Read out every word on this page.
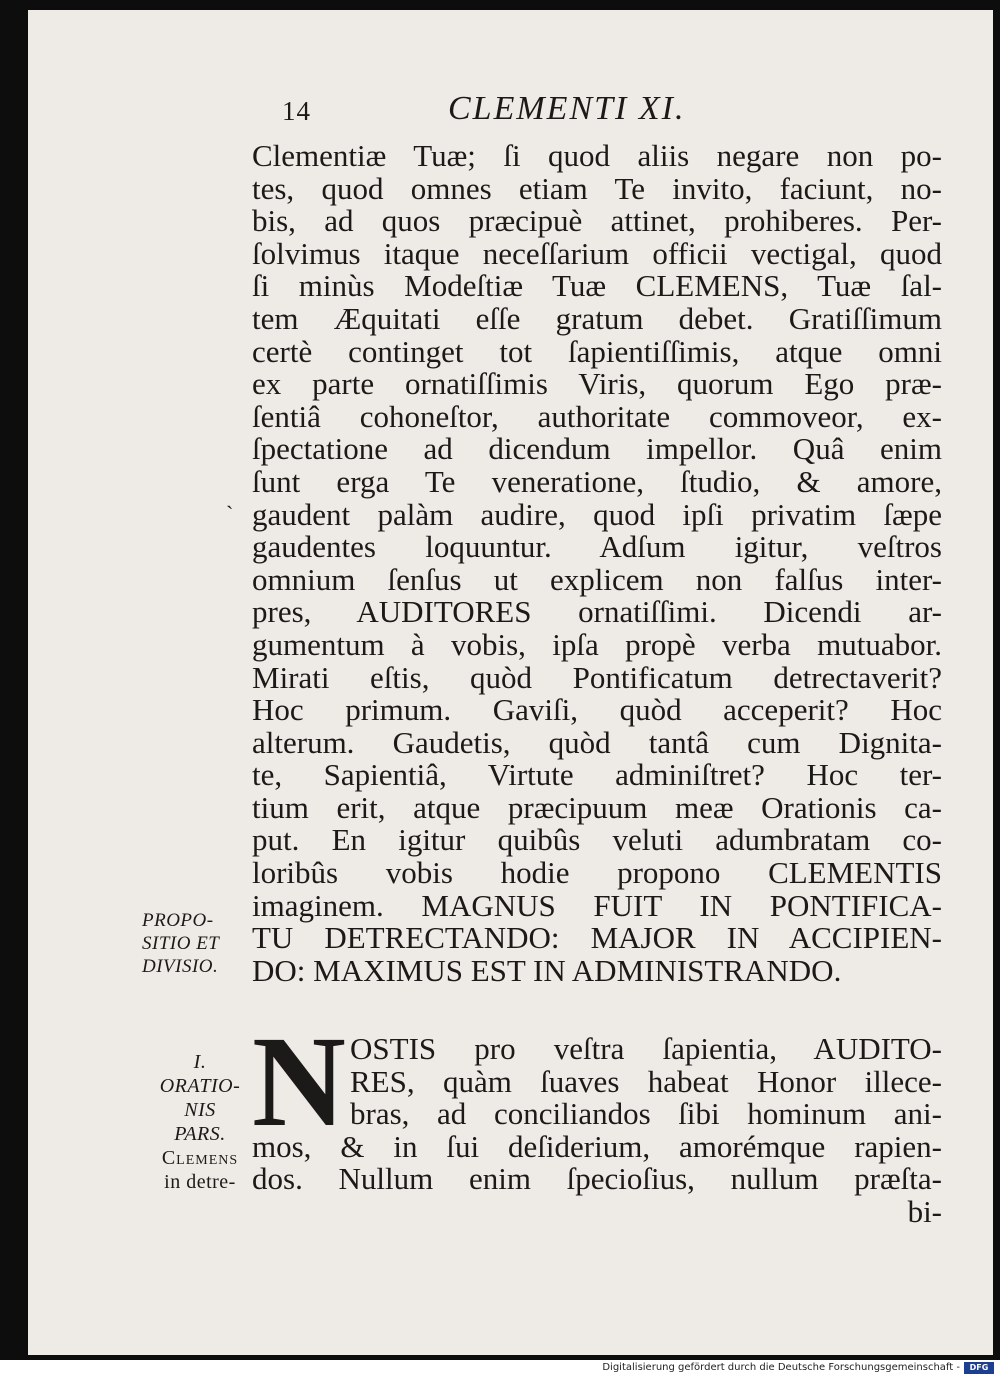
14	CLEMENTI XI.
ˎ
Clementiæ Tuæ; ſi quod aliis negare non po-
tes, quod omnes etiam Te invito, faciunt, no-
bis, ad quos præcipuè attinet, prohiberes. Per-
ſolvimus itaque neceſſarium officii vectigal, quod
ſi minùs Modeſtiæ Tuæ CLEMENS, Tuæ ſal-
tem Æquitati eſſe gratum debet. Gratiſſimum
certè continget tot ſapientiſſimis, atque omni
ex parte ornatiſſimis Viris, quorum Ego præ-
ſentiâ cohoneſtor, authoritate commoveor, ex-
ſpectatione ad dicendum impellor. Quâ enim
ſunt erga Te veneratione, ſtudio, & amore,
gaudent palàm audire, quod ipſi privatim ſæpe
gaudentes loquuntur. Adſum igitur, veſtros
omnium ſenſus ut explicem non falſus inter-
pres, AUDITORES ornatiſſimi. Dicendi ar-
gumentum à vobis, ipſa propè verba mutuabor.
Mirati eſtis, quòd Pontificatum detrectaverit?
Hoc primum. Gaviſi, quòd acceperit? Hoc
alterum. Gaudetis, quòd tantâ cum Dignita-
te, Sapientiâ, Virtute adminiſtret? Hoc ter-
tium erit, atque præcipuum meæ Orationis ca-
put. En igitur quibûs veluti adumbratam co-
loribûs vobis hodie propono CLEMENTIS
imaginem. MAGNUS FUIT IN PONTIFICA-
TU DETRECTANDO: MAJOR IN ACCIPIEN-
DO: MAXIMUS EST IN ADMINISTRANDO.
PROPO-
SITIO ET
DIVISIO.
I.
ORATIO-
NIS
PARS.
Clemens
in detre-
N OSTIS pro veſtra ſapientia, AUDITO-
RES, quàm ſuaves habeat Honor illece-
bras, ad conciliandos ſibi hominum ani-
mos, & in ſui deſiderium, amorémque rapien-
dos. Nullum enim ſpecioſius, nullum præſta-
bi-
Digitalisierung gefördert durch die Deutsche Forschungsgemeinschaft -	DFG
